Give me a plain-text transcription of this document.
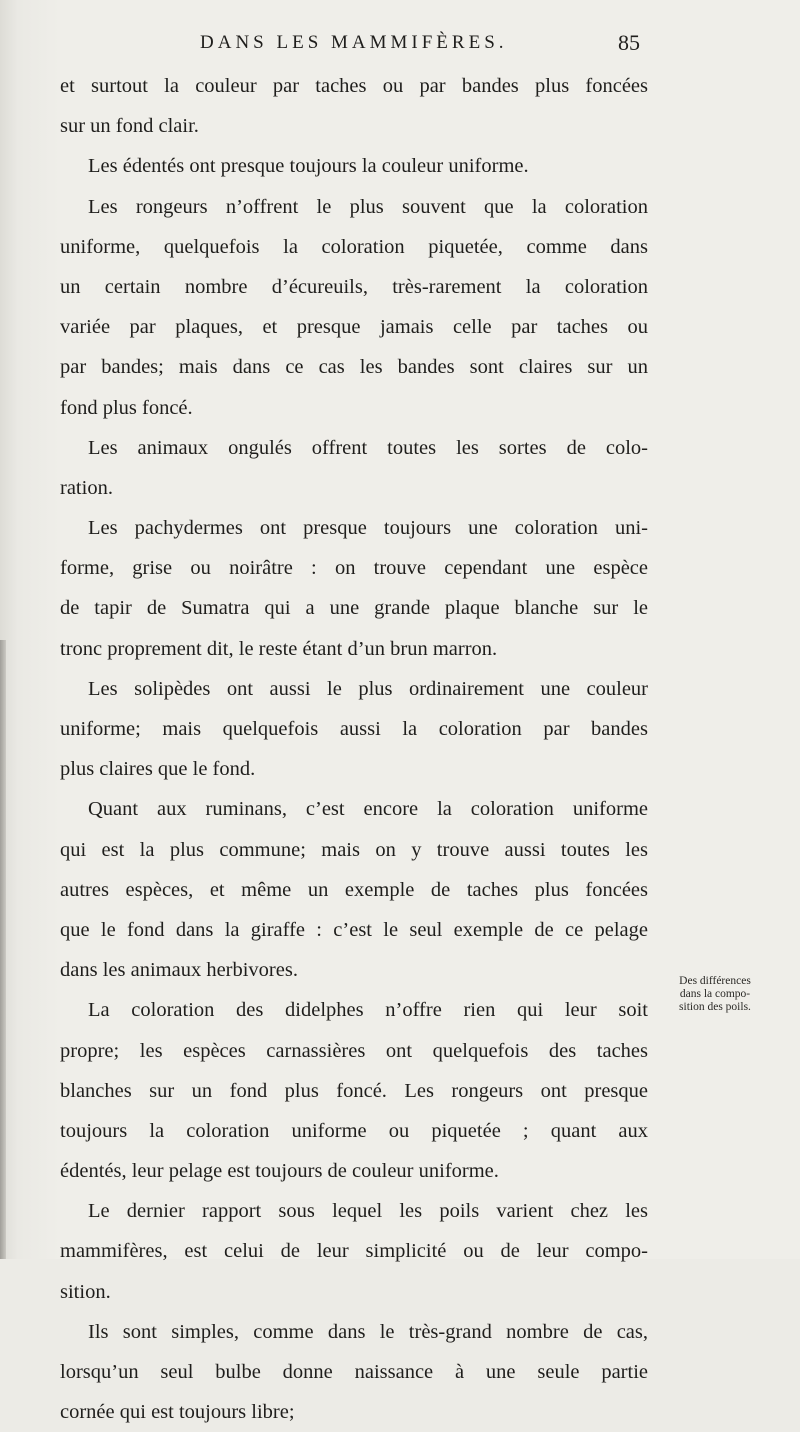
DANS LES MAMMIFÈRES.	85
et surtout la couleur par taches ou par bandes plus foncées
sur un fond clair.
Les édentés ont presque toujours la couleur uniforme.
Les rongeurs n’offrent le plus souvent que la coloration
uniforme, quelquefois la coloration piquetée, comme dans
un certain nombre d’écureuils, très-rarement la coloration
variée par plaques, et presque jamais celle par taches ou
par bandes; mais dans ce cas les bandes sont claires sur un
fond plus foncé.
Les animaux ongulés offrent toutes les sortes de colo-
ration.
Les pachydermes ont presque toujours une coloration uni-
forme, grise ou noirâtre : on trouve cependant une espèce
de tapir de Sumatra qui a une grande plaque blanche sur le
tronc proprement dit, le reste étant d’un brun marron.
Les solipèdes ont aussi le plus ordinairement une couleur
uniforme; mais quelquefois aussi la coloration par bandes
plus claires que le fond.
Quant aux ruminans, c’est encore la coloration uniforme
qui est la plus commune; mais on y trouve aussi toutes les
autres espèces, et même un exemple de taches plus foncées
que le fond dans la giraffe : c’est le seul exemple de ce pelage
dans les animaux herbivores.
La coloration des didelphes n’offre rien qui leur soit
propre; les espèces carnassières ont quelquefois des taches
blanches sur un fond plus foncé. Les rongeurs ont presque
toujours la coloration uniforme ou piquetée ; quant aux
édentés, leur pelage est toujours de couleur uniforme.
Le dernier rapport sous lequel les poils varient chez les
mammifères, est celui de leur simplicité ou de leur compo-
sition.
Ils sont simples, comme dans le très-grand nombre de cas,
lorsqu’un seul bulbe donne naissance à une seule partie
cornée qui est toujours libre;
Des différences
dans la compo-
sition des poils.
